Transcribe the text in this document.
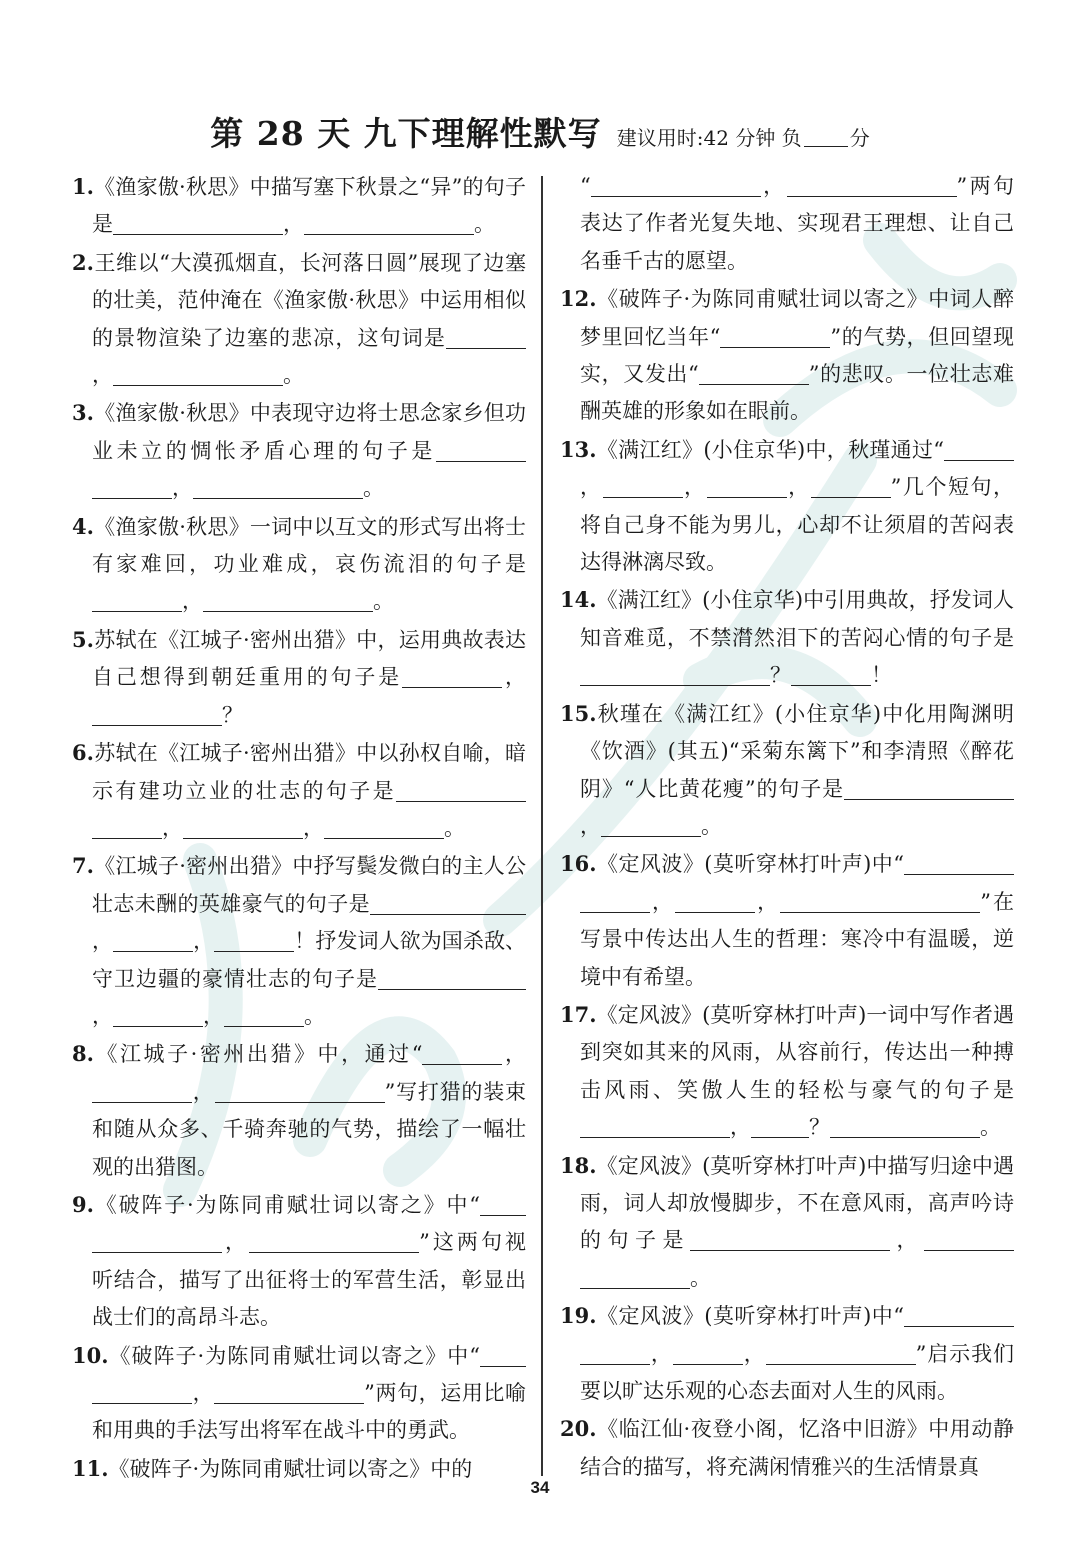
第 28 天 九下理解性默写 建议用时:42 分钟 负 分

1.《渔家傲·秋思》中描写塞下秋景之“异”的句子是	，	。

2.王维以“大漠孤烟直，长河落日圆”展现了边塞的壮美，范仲淹在《渔家傲·秋思》中运用相似的景物渲染了边塞的悲凉，这句词是，	。

3.《渔家傲·秋思》中表现守边将士思念家乡但功业未立的惆怅矛盾心理的句子是，	。

4.《渔家傲·秋思》一词中以互文的形式写出将士有家难回，功业难成，哀伤流泪的句子是，	。

5.苏轼在《江城子·密州出猎》中，运用典故表达自己想得到朝廷重用的句子是	，？

6.苏轼在《江城子·密州出猎》中以孙权自喻，暗示有建功立业的壮志的句子是，	，	。

7.《江城子·密州出猎》中抒写鬓发微白的主人公壮志未酬的英雄豪气的句子是，	，	！抒发词人欲为国杀敌、守卫边疆的豪情壮志的句子是，	，	。

8.《江城子·密州出猎》中，通过“	，，	”写打猎的装束和随从众多、千骑奔驰的气势，描绘了一幅壮观的出猎图。

9.《破阵子·为陈同甫赋壮词以寄之》中“，	”这两句视听结合，描写了出征将士的军营生活，彰显出战士们的高昂斗志。

10.《破阵子·为陈同甫赋壮词以寄之》中“，	”两句，运用比喻和用典的手法写出将军在战斗中的勇武。

11.《破阵子·为陈同甫赋壮词以寄之》中的

“	，	”两句表达了作者光复失地、实现君王理想、让自己名垂千古的愿望。

12.《破阵子·为陈同甫赋壮词以寄之》中词人醉梦里回忆当年“	”的气势，但回望现实，又发出“	”的悲叹。一位壮志难酬英雄的形象如在眼前。

13.《满江红》(小住京华)中，秋瑾通过“，	，	，	”几个短句，将自己身不能为男儿，心却不让须眉的苦闷表达得淋漓尽致。

14.《满江红》(小住京华)中引用典故，抒发词人知音难觅，不禁潸然泪下的苦闷心情的句子是？	！

15.秋瑾在《满江红》(小住京华)中化用陶渊明《饮酒》(其五)“采菊东篱下”和李清照《醉花阴》“人比黄花瘦”的句子是，	。

16.《定风波》(莫听穿林打叶声)中“，	，	”在写景中传达出人生的哲理：寒冷中有温暖，逆境中有希望。

17.《定风波》(莫听穿林打叶声)一词中写作者遇到突如其来的风雨，从容前行，传达出一种搏击风雨、笑傲人生的轻松与豪气的句子是，	？	。

18.《定风波》(莫听穿林打叶声)中描写归途中遇雨，词人却放慢脚步，不在意风雨，高声吟诗的句子是	，。

19.《定风波》(莫听穿林打叶声)中“，	，	”启示我们要以旷达乐观的心态去面对人生的风雨。

20.《临江仙·夜登小阁，忆洛中旧游》中用动静结合的描写，将充满闲情雅兴的生活情景真

34
